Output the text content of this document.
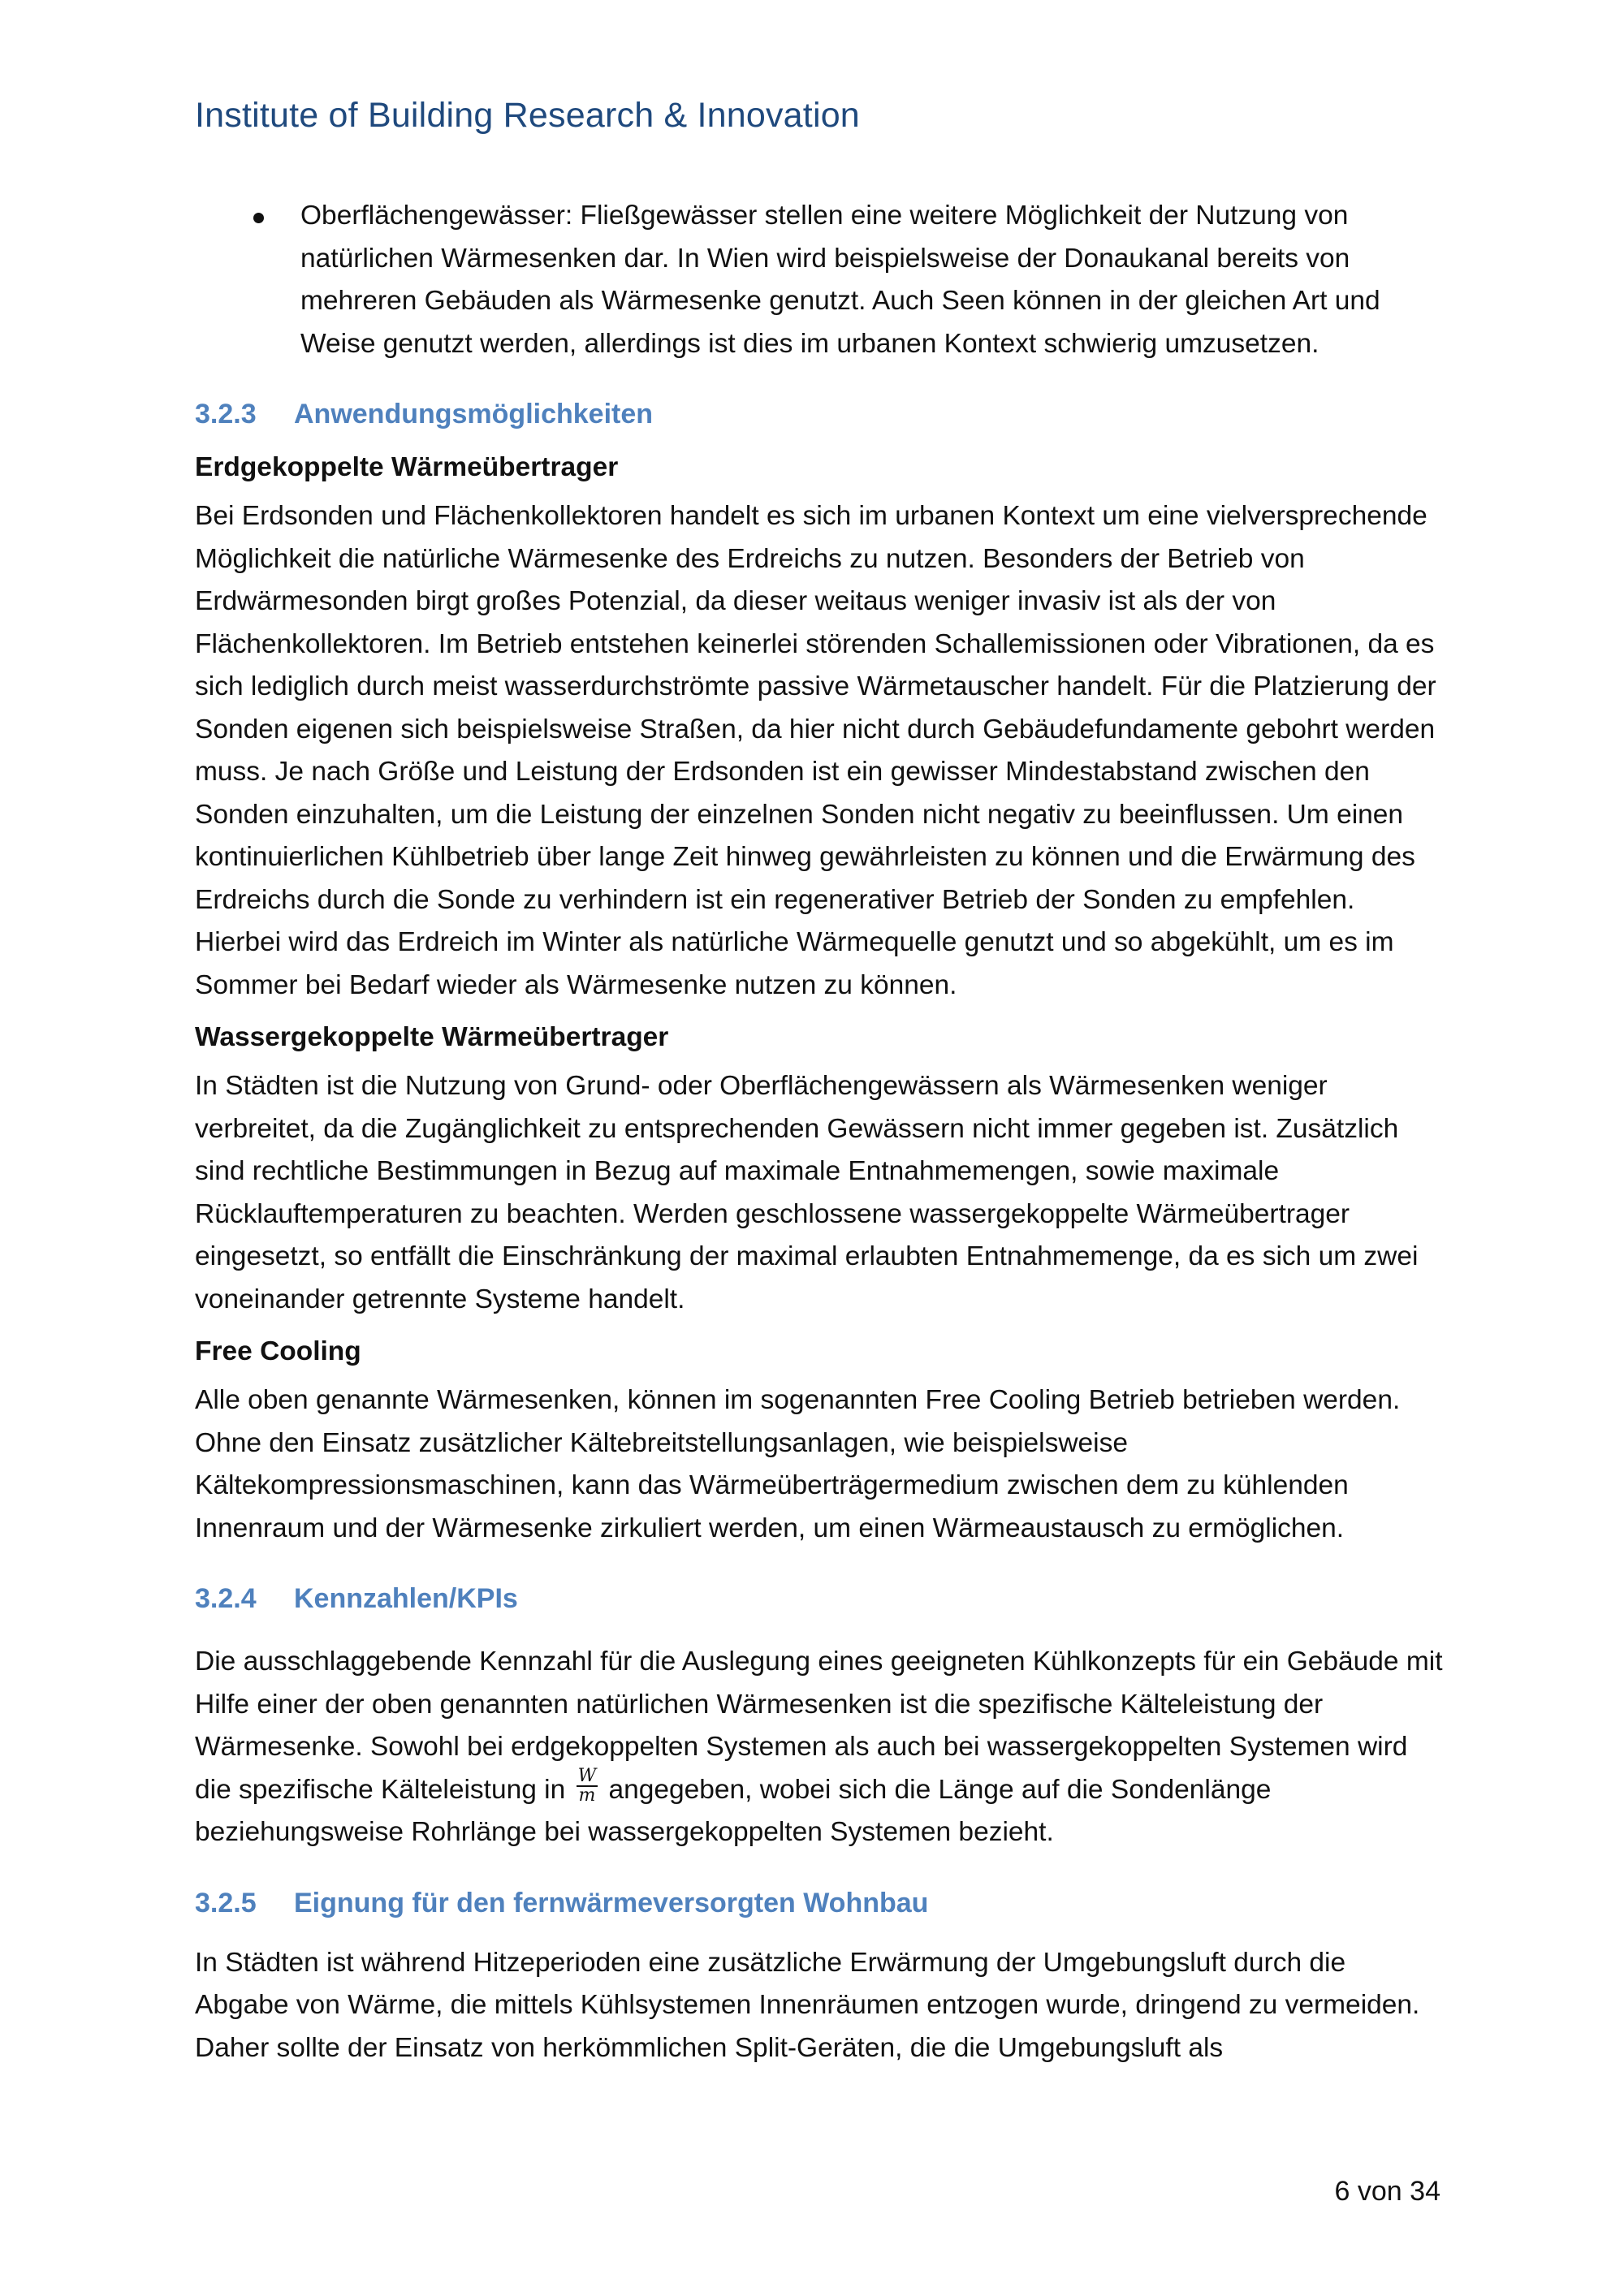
Institute of Building Research & Innovation

Oberflächengewässer: Fließgewässer stellen eine weitere Möglichkeit der Nutzung von natürlichen Wärmesenken dar. In Wien wird beispielsweise der Donaukanal bereits von mehreren Gebäuden als Wärmesenke genutzt. Auch Seen können in der gleichen Art und Weise genutzt werden, allerdings ist dies im urbanen Kontext schwierig umzusetzen.

3.2.3 Anwendungsmöglichkeiten
Erdgekoppelte Wärmeübertrager

Bei Erdsonden und Flächenkollektoren handelt es sich im urbanen Kontext um eine vielversprechende Möglichkeit die natürliche Wärmesenke des Erdreichs zu nutzen. Besonders der Betrieb von Erdwärmesonden birgt großes Potenzial, da dieser weitaus weniger invasiv ist als der von Flächenkollektoren. Im Betrieb entstehen keinerlei störenden Schallemissionen oder Vibrationen, da es sich lediglich durch meist wasserdurchströmte passive Wärmetauscher handelt. Für die Platzierung der Sonden eigenen sich beispielsweise Straßen, da hier nicht durch Gebäudefundamente gebohrt werden muss. Je nach Größe und Leistung der Erdsonden ist ein gewisser Mindestabstand zwischen den Sonden einzuhalten, um die Leistung der einzelnen Sonden nicht negativ zu beeinflussen. Um einen kontinuierlichen Kühlbetrieb über lange Zeit hinweg gewährleisten zu können und die Erwärmung des Erdreichs durch die Sonde zu verhindern ist ein regenerativer Betrieb der Sonden zu empfehlen. Hierbei wird das Erdreich im Winter als natürliche Wärmequelle genutzt und so abgekühlt, um es im Sommer bei Bedarf wieder als Wärmesenke nutzen zu können.

Wassergekoppelte Wärmeübertrager

In Städten ist die Nutzung von Grund- oder Oberflächengewässern als Wärmesenken weniger verbreitet, da die Zugänglichkeit zu entsprechenden Gewässern nicht immer gegeben ist. Zusätzlich sind rechtliche Bestimmungen in Bezug auf maximale Entnahmemengen, sowie maximale Rücklauftemperaturen zu beachten. Werden geschlossene wassergekoppelte Wärmeübertrager eingesetzt, so entfällt die Einschränkung der maximal erlaubten Entnahmemenge, da es sich um zwei voneinander getrennte Systeme handelt.

Free Cooling

Alle oben genannte Wärmesenken, können im sogenannten Free Cooling Betrieb betrieben werden. Ohne den Einsatz zusätzlicher Kältebreitstellungsanlagen, wie beispielsweise Kältekompressionsmaschinen, kann das Wärmeüberträgermedium zwischen dem zu kühlenden Innenraum und der Wärmesenke zirkuliert werden, um einen Wärmeaustausch zu ermöglichen.

3.2.4 Kennzahlen/KPIs

Die ausschlaggebende Kennzahl für die Auslegung eines geeigneten Kühlkonzepts für ein Gebäude mit Hilfe einer der oben genannten natürlichen Wärmesenken ist die spezifische Kälteleistung der Wärmesenke. Sowohl bei erdgekoppelten Systemen als auch bei wassergekoppelten Systemen wird die spezifische Kälteleistung in $\frac{W}{m}$ angegeben, wobei sich die Länge auf die Sondenlänge beziehungsweise Rohrlänge bei wassergekoppelten Systemen bezieht.

3.2.5 Eignung für den fernwärmeversorgten Wohnbau

In Städten ist während Hitzeperioden eine zusätzliche Erwärmung der Umgebungsluft durch die Abgabe von Wärme, die mittels Kühlsystemen Innenräumen entzogen wurde, dringend zu vermeiden. Daher sollte der Einsatz von herkömmlichen Split-Geräten, die die Umgebungsluft als

6 von 34
